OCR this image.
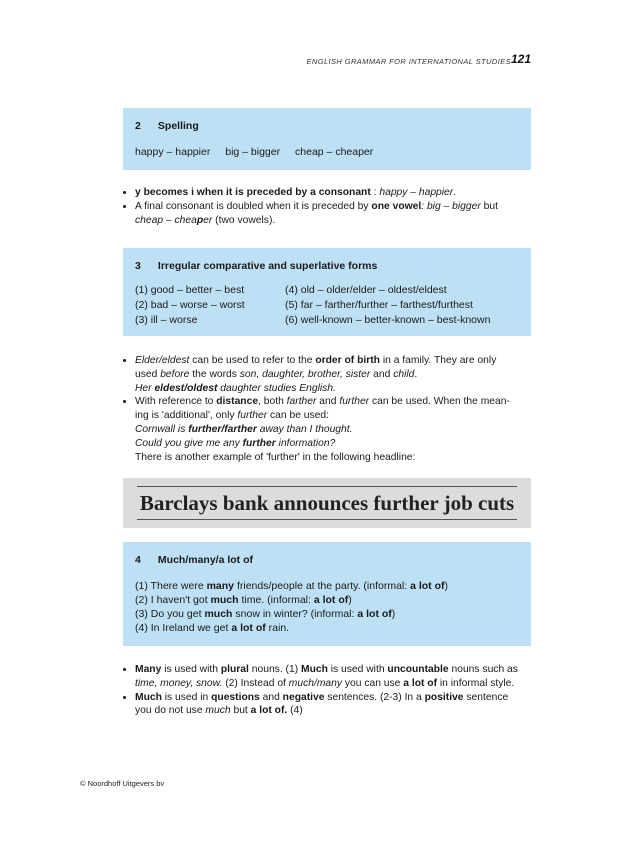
ENGLISH GRAMMAR FOR INTERNATIONAL STUDIES 121
2 Spelling
happy – happier big – bigger cheap – cheaper
• y becomes i when it is preceded by a consonant : happy – happier.
• A final consonant is doubled when it is preceded by one vowel: big – bigger but
cheap – cheaper (two vowels).
3 Irregular comparative and superlative forms
(1) good – better – best	(4) old – older/elder – oldest/eldest
(2) bad – worse – worst	(5) far – farther/further – farthest/furthest
(3) ill – worse	(6) well-known – better-known – best-known
• Elder/eldest can be used to refer to the order of birth in a family. They are only
used before the words son, daughter, brother, sister and child.
Her eldest/oldest daughter studies English.
• With reference to distance, both farther and further can be used. When the mean-
ing is 'additional', only further can be used:
Cornwall is further/farther away than I thought.
Could you give me any further information?
There is another example of 'further' in the following headline:
Barclays bank announces further job cuts
4 Much/many/a lot of
(1) There were many friends/people at the party. (informal: a lot of)
(2) I haven't got much time. (informal: a lot of)
(3) Do you get much snow in winter? (informal: a lot of)
(4) In Ireland we get a lot of rain.
• Many is used with plural nouns. (1) Much is used with uncountable nouns such as
time, money, snow. (2) Instead of much/many you can use a lot of in informal style.
• Much is used in questions and negative sentences. (2-3) In a positive sentence
you do not use much but a lot of. (4)
© Noordhoff Uitgevers bv
